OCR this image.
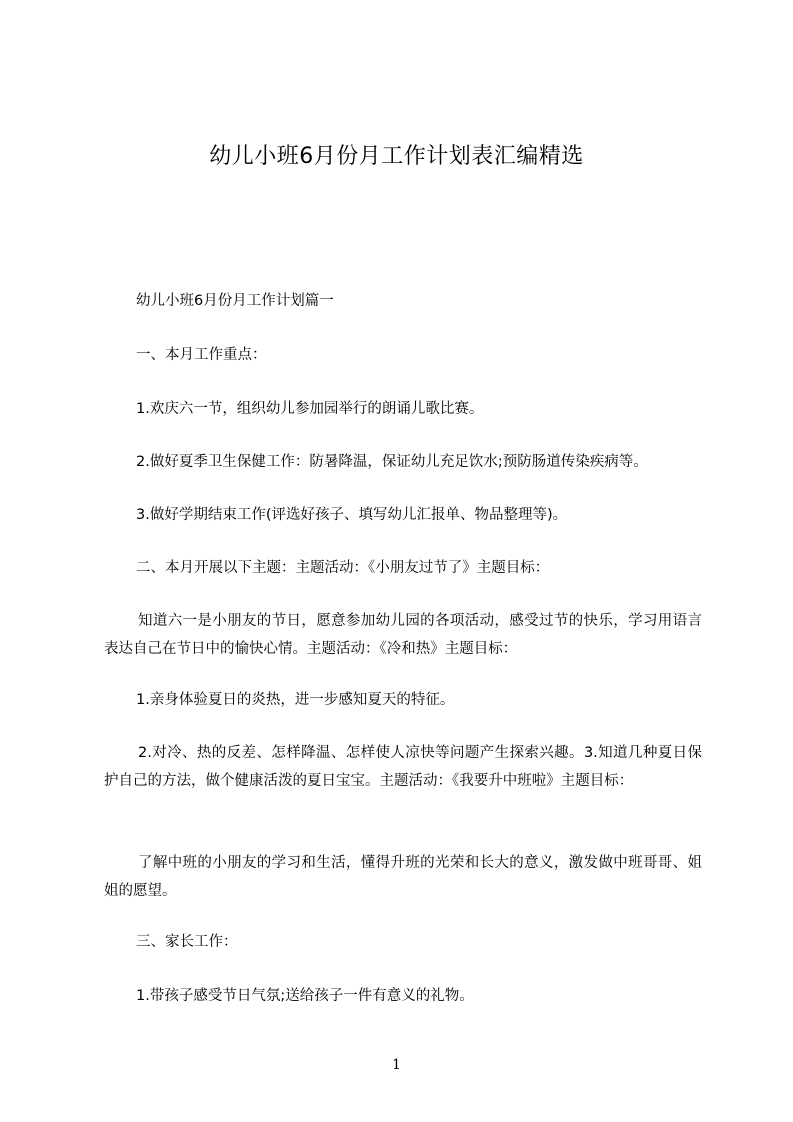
幼儿小班6月份月工作计划表汇编精选
幼儿小班6月份月工作计划篇一
一、本月工作重点：
1.欢庆六一节，组织幼儿参加园举行的朗诵儿歌比赛。
2.做好夏季卫生保健工作：防暑降温，保证幼儿充足饮水;预防肠道传染疾病等。
3.做好学期结束工作(评选好孩子、填写幼儿汇报单、物品整理等)。
二、本月开展以下主题：主题活动：《小朋友过节了》主题目标：
知道六一是小朋友的节日，愿意参加幼儿园的各项活动，感受过节的快乐，学习用语言表达自己在节日中的愉快心情。主题活动：《冷和热》主题目标：
1.亲身体验夏日的炎热，进一步感知夏天的特征。
2.对冷、热的反差、怎样降温、怎样使人凉快等问题产生探索兴趣。3.知道几种夏日保护自己的方法，做个健康活泼的夏日宝宝。主题活动：《我要升中班啦》主题目标：
了解中班的小朋友的学习和生活，懂得升班的光荣和长大的意义，激发做中班哥哥、姐姐的愿望。
三、家长工作：
1.带孩子感受节日气氛;送给孩子一件有意义的礼物。
1
